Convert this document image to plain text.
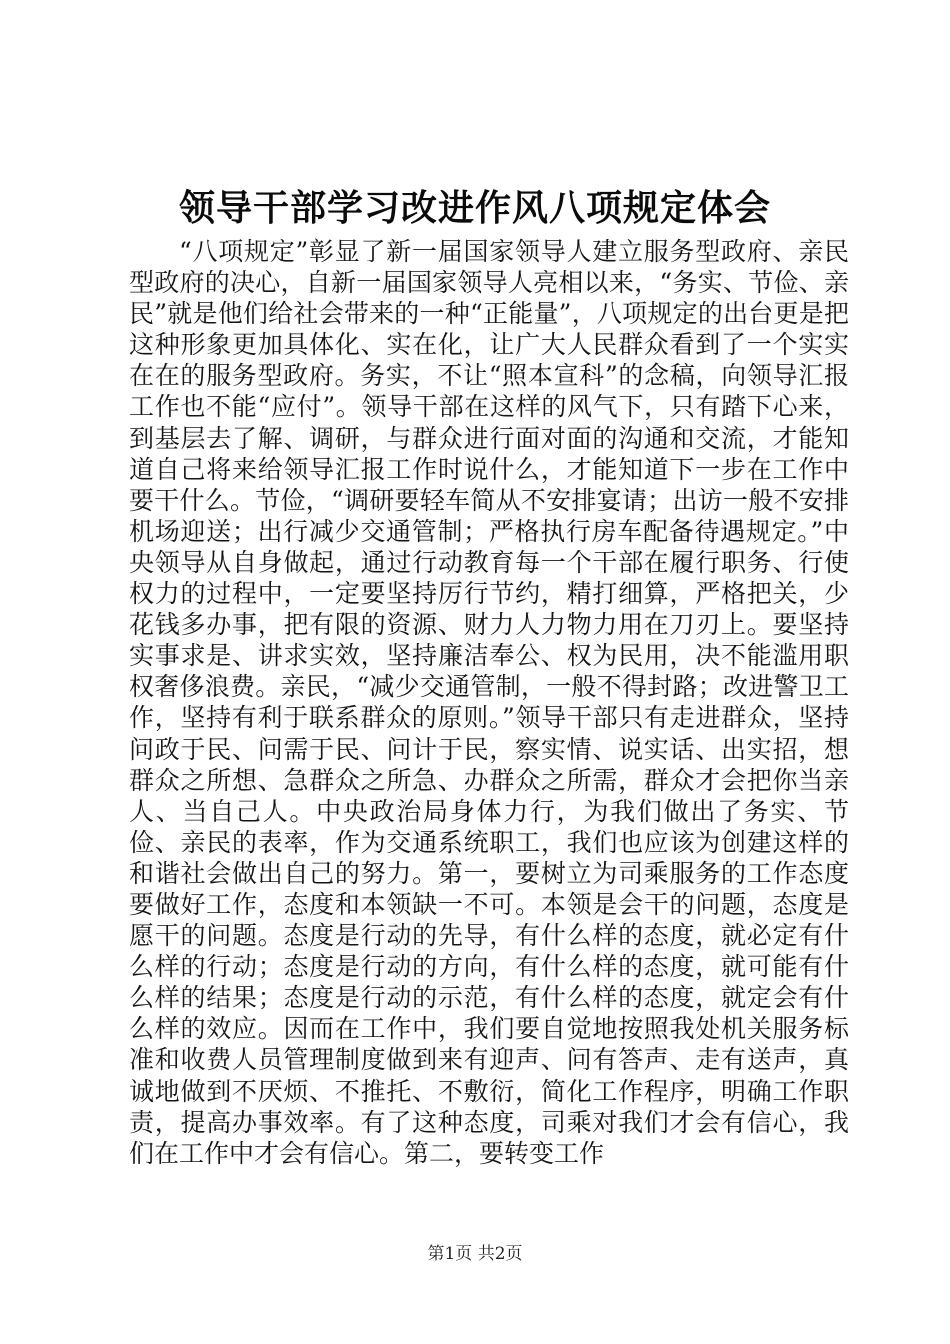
领导干部学习改进作风八项规定体会

“八项规定”彰显了新一届国家领导人建立服务型政府、亲民型政府的决心，自新一届国家领导人亮相以来，“务实、节俭、亲民”就是他们给社会带来的一种“正能量”，八项规定的出台更是把这种形象更加具体化、实在化，让广大人民群众看到了一个实实在在的服务型政府。务实，不让“照本宣科”的念稿，向领导汇报工作也不能“应付”。领导干部在这样的风气下，只有踏下心来，到基层去了解、调研，与群众进行面对面的沟通和交流，才能知道自己将来给领导汇报工作时说什么，才能知道下一步在工作中要干什么。节俭，“调研要轻车简从不安排宴请；出访一般不安排机场迎送；出行减少交通管制；严格执行房车配备待遇规定。”中央领导从自身做起，通过行动教育每一个干部在履行职务、行使权力的过程中，一定要坚持厉行节约，精打细算，严格把关，少花钱多办事，把有限的资源、财力人力物力用在刀刃上。要坚持实事求是、讲求实效，坚持廉洁奉公、权为民用，决不能滥用职权奢侈浪费。亲民，“减少交通管制，一般不得封路；改进警卫工作，坚持有利于联系群众的原则。”领导干部只有走进群众，坚持问政于民、问需于民、问计于民，察实情、说实话、出实招，想群众之所想、急群众之所急、办群众之所需，群众才会把你当亲人、当自己人。中央政治局身体力行，为我们做出了务实、节俭、亲民的表率，作为交通系统职工，我们也应该为创建这样的和谐社会做出自己的努力。第一，要树立为司乘服务的工作态度要做好工作，态度和本领缺一不可。本领是会干的问题，态度是愿干的问题。态度是行动的先导，有什么样的态度，就必定有什么样的行动；态度是行动的方向，有什么样的态度，就可能有什么样的结果；态度是行动的示范，有什么样的态度，就定会有什么样的效应。因而在工作中，我们要自觉地按照我处机关服务标准和收费人员管理制度做到来有迎声、问有答声、走有送声，真诚地做到不厌烦、不推托、不敷衍，简化工作程序，明确工作职责，提高办事效率。有了这种态度，司乘对我们才会有信心，我们在工作中才会有信心。第二，要转变工作

第1页 共2页
